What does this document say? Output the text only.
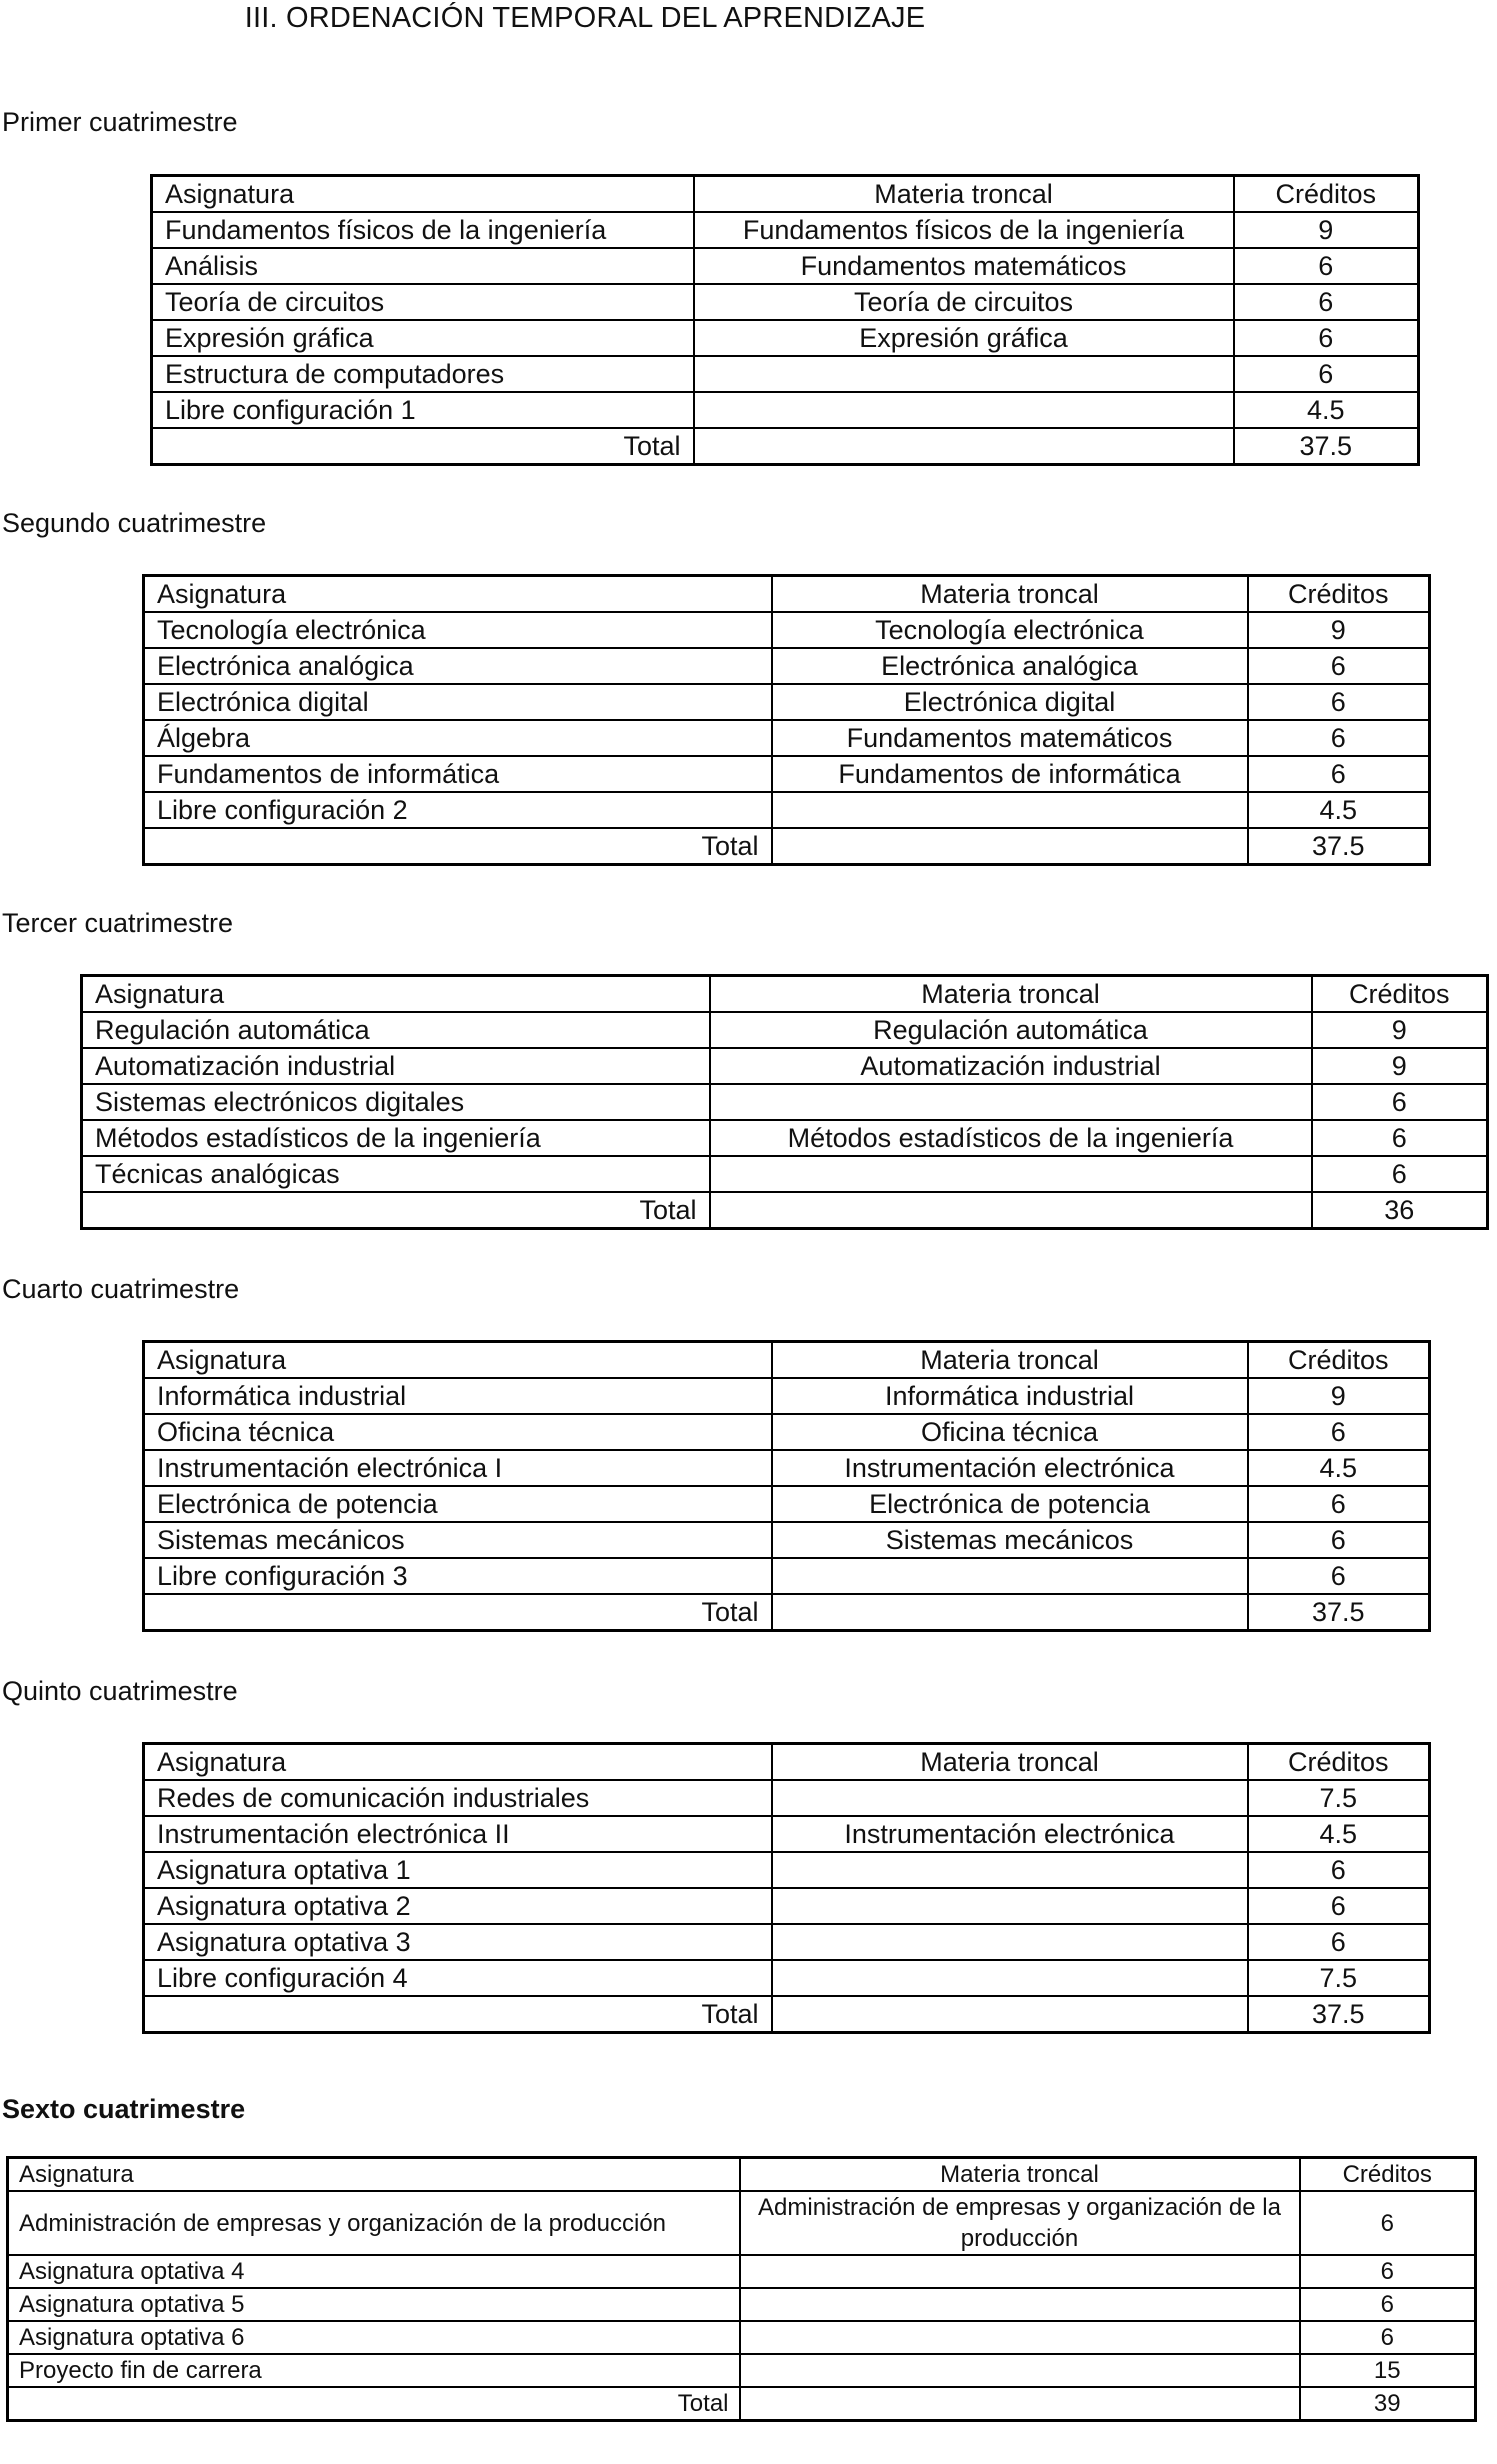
III. ORDENACIÓN TEMPORAL DEL APRENDIZAJE
Primer cuatrimestre
Asignatura	Materia troncal	Créditos
Fundamentos físicos de la ingeniería	Fundamentos físicos de la ingeniería	9
Análisis	Fundamentos matemáticos	6
Teoría de circuitos	Teoría de circuitos	6
Expresión gráfica	Expresión gráfica	6
Estructura de computadores		6
Libre configuración 1		4.5
Total		37.5
Segundo cuatrimestre
Asignatura	Materia troncal	Créditos
Tecnología electrónica	Tecnología electrónica	9
Electrónica analógica	Electrónica analógica	6
Electrónica digital	Electrónica digital	6
Álgebra	Fundamentos matemáticos	6
Fundamentos de informática	Fundamentos de informática	6
Libre configuración 2		4.5
Total		37.5
Tercer cuatrimestre
Asignatura	Materia troncal	Créditos
Regulación automática	Regulación automática	9
Automatización industrial	Automatización industrial	9
Sistemas electrónicos digitales		6
Métodos estadísticos de la ingeniería	Métodos estadísticos de la ingeniería	6
Técnicas analógicas		6
Total		36
Cuarto cuatrimestre
Asignatura	Materia troncal	Créditos
Informática industrial	Informática industrial	9
Oficina técnica	Oficina técnica	6
Instrumentación electrónica I	Instrumentación electrónica	4.5
Electrónica de potencia	Electrónica de potencia	6
Sistemas mecánicos	Sistemas mecánicos	6
Libre configuración 3		6
Total		37.5
Quinto cuatrimestre
Asignatura	Materia troncal	Créditos
Redes de comunicación industriales		7.5
Instrumentación electrónica II	Instrumentación electrónica	4.5
Asignatura optativa 1		6
Asignatura optativa 2		6
Asignatura optativa 3		6
Libre configuración 4		7.5
Total		37.5
Sexto cuatrimestre
Asignatura	Materia troncal	Créditos
Administración de empresas y organización de la producción	Administración de empresas y organización de la producción	6
Asignatura optativa 4		6
Asignatura optativa 5		6
Asignatura optativa 6		6
Proyecto fin de carrera		15
Total		39
